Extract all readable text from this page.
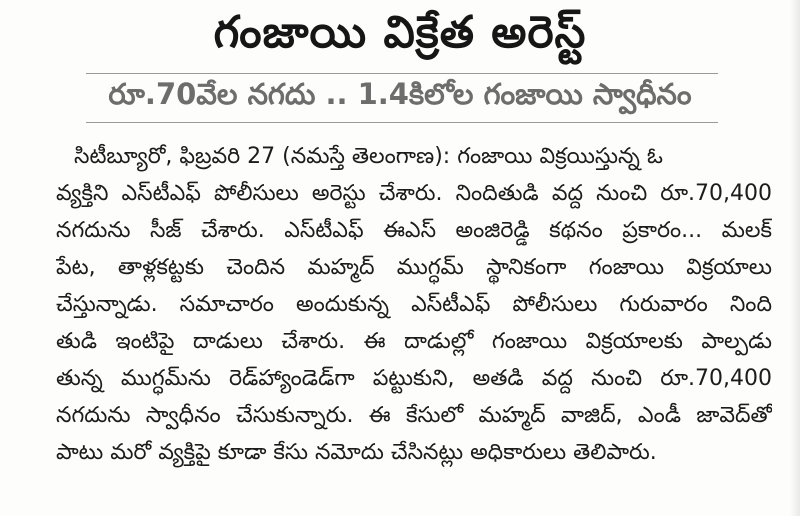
గంజాయి విక్రేత అరెస్ట్
రూ.70వేల నగదు .. 1.4కిలోల గంజాయి స్వాధీనం
సిటీబ్యూరో, ఫిబ్రవరి 27 (నమస్తే తెలంగాణ): గంజాయి విక్రయిస్తున్న ఓ
వ్యక్తిని ఎస్‌టీఎఫ్ పోలీసులు అరెస్టు చేశారు. నిందితుడి వద్ద నుంచి రూ.70,400
నగదును సీజ్ చేశారు. ఎస్‌టీఎఫ్ ఈఎస్ అంజిరెడ్డి కథనం ప్రకారం... మలక్
పేట, తాళ్లకట్టకు చెందిన మహ్మద్ ముగ్ధమ్ స్థానికంగా గంజాయి విక్రయాలు
చేస్తున్నాడు. సమాచారం అందుకున్న ఎస్‌టీఎఫ్ పోలీసులు గురువారం నింది
తుడి ఇంటిపై దాడులు చేశారు. ఈ దాడుల్లో గంజాయి విక్రయాలకు పాల్పడు
తున్న ముగ్ధమ్‌ను రెడ్‌హ్యాండెడ్‌గా పట్టుకుని, అతడి వద్ద నుంచి రూ.70,400
నగదును స్వాధీనం చేసుకున్నారు. ఈ కేసులో మహ్మద్ వాజిద్, ఎండీ జావెద్‌తో
పాటు మరో వ్యక్తిపై కూడా కేసు నమోదు చేసినట్లు అధికారులు తెలిపారు.
